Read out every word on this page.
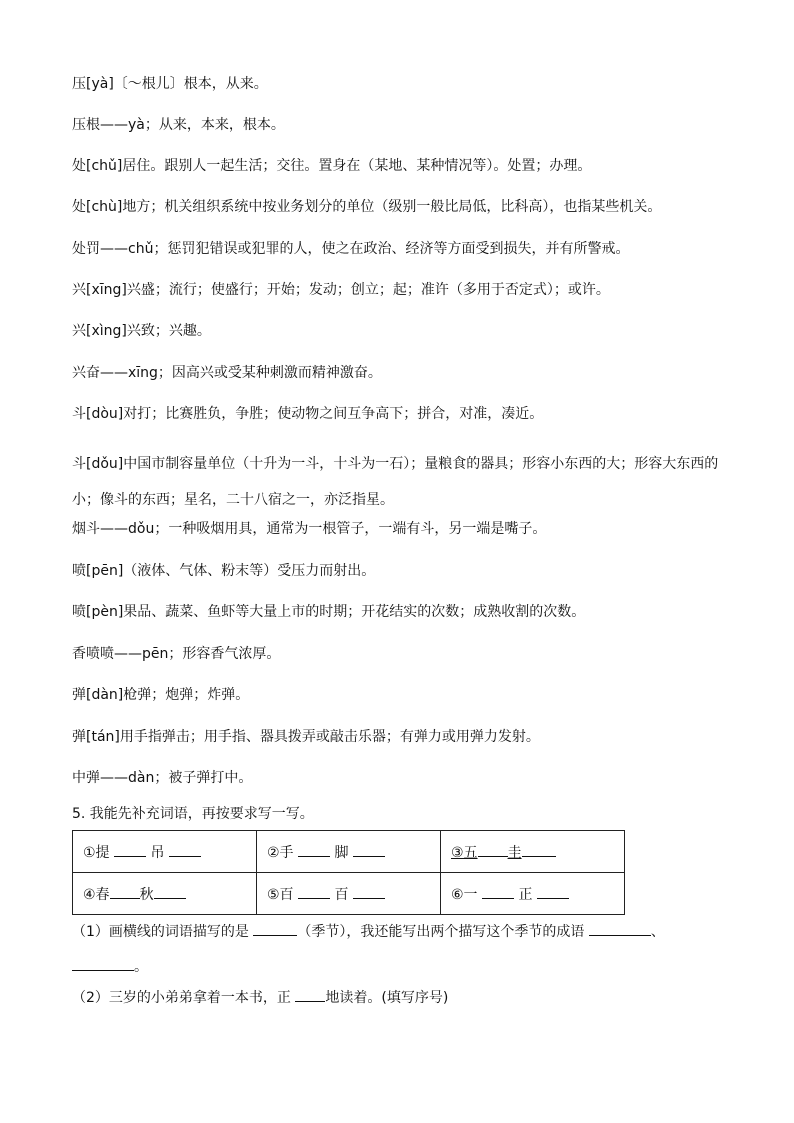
压[yà]〔～根儿〕根本，从来。
压根——yà；从来，本来，根本。
处[chǔ]居住。跟别人一起生活；交往。置身在（某地、某种情况等）。处置；办理。
处[chù]地方；机关组织系统中按业务划分的单位（级别一般比局低，比科高），也指某些机关。
处罚——chǔ；惩罚犯错误或犯罪的人，使之在政治、经济等方面受到损失，并有所警戒。
兴[xīng]兴盛；流行；使盛行；开始；发动；创立；起；准许（多用于否定式）；或许。
兴[xìng]兴致；兴趣。
兴奋——xīng；因高兴或受某种刺激而精神激奋。
斗[dòu]对打；比赛胜负，争胜；使动物之间互争高下；拼合，对准，凑近。
斗[dǒu]中国市制容量单位（十升为一斗，十斗为一石）；量粮食的器具；形容小东西的大；形容大东西的小；像斗的东西；星名，二十八宿之一，亦泛指星。
烟斗——dǒu；一种吸烟用具，通常为一根管子，一端有斗，另一端是嘴子。
喷[pēn]（液体、气体、粉末等）受压力而射出。
喷[pèn]果品、蔬菜、鱼虾等大量上市的时期；开花结实的次数；成熟收割的次数。
香喷喷——pēn；形容香气浓厚。
弹[dàn]枪弹；炮弹；炸弹。
弹[tán]用手指弹击；用手指、器具拨弄或敲击乐器；有弹力或用弹力发射。
中弹——dàn；被子弹打中。
5. 我能先补充词语，再按要求写一写。
①提 吊	②手 脚	③五 圭
④春 秋	⑤百 百	⑥一 正
（1）画横线的词语描写的是	（季节），我还能写出两个描写这个季节的成语	、
。
（2）三岁的小弟弟拿着一本书，正 地读着。(填写序号)
